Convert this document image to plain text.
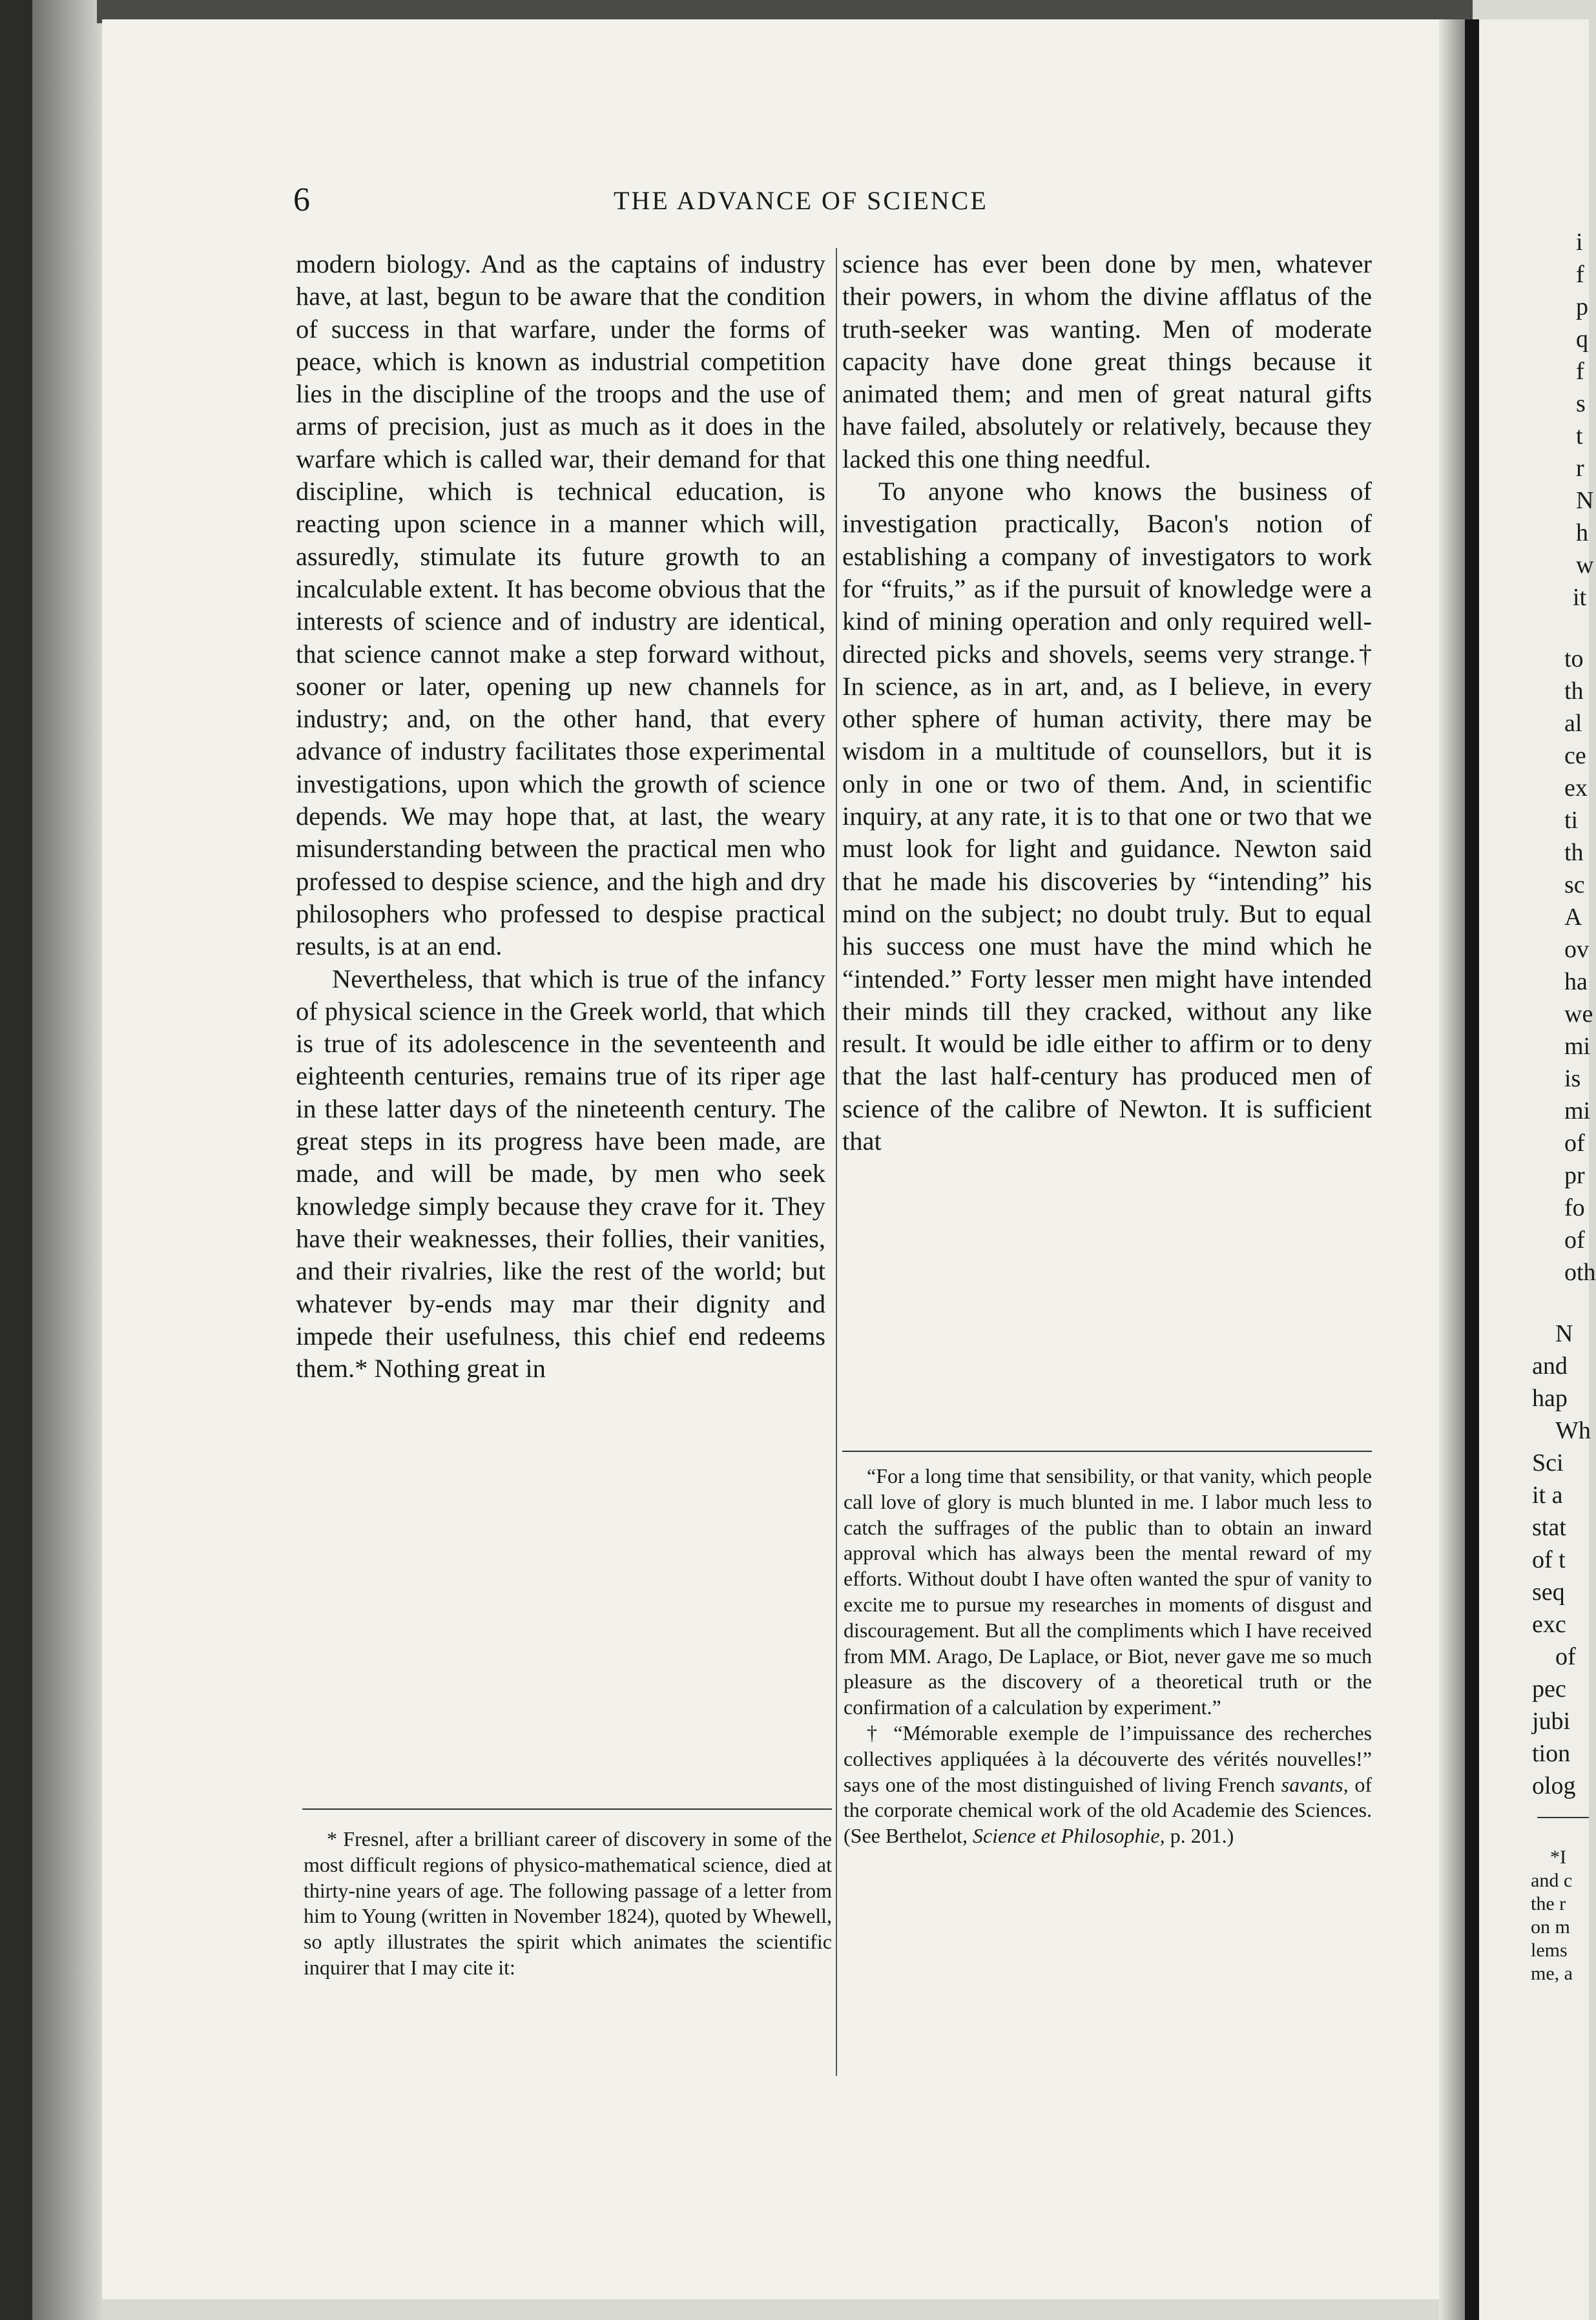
6	THE ADVANCE OF SCIENCE

modern biology. And as the captains of industry have, at last, begun to be aware that the condition of success in that warfare, under the forms of peace, which is known as industrial competition lies in the discipline of the troops and the use of arms of precision, just as much as it does in the warfare which is called war, their demand for that discipline, which is technical education, is reacting upon science in a manner which will, assuredly, stimulate its future growth to an incalculable extent. It has become obvious that the interests of science and of industry are identical, that science cannot make a step forward without, sooner or later, opening up new channels for industry; and, on the other hand, that every advance of industry facilitates those experimental investigations, upon which the growth of science depends. We may hope that, at last, the weary misunderstanding between the practical men who professed to despise science, and the high and dry philosophers who professed to despise practical results, is at an end.

Nevertheless, that which is true of the infancy of physical science in the Greek world, that which is true of its adolescence in the seventeenth and eighteenth centuries, remains true of its riper age in these latter days of the nineteenth century. The great steps in its progress have been made, are made, and will be made, by men who seek knowledge simply because they crave for it. They have their weaknesses, their follies, their vanities, and their rivalries, like the rest of the world; but whatever by-ends may mar their dignity and impede their usefulness, this chief end redeems them.* Nothing great in

science has ever been done by men, whatever their powers, in whom the divine afflatus of the truth-seeker was wanting. Men of moderate capacity have done great things because it animated them; and men of great natural gifts have failed, absolutely or relatively, because they lacked this one thing needful.

To anyone who knows the business of investigation practically, Bacon's notion of establishing a company of investigators to work for “fruits,” as if the pursuit of knowledge were a kind of mining operation and only required well-directed picks and shovels, seems very strange.† In science, as in art, and, as I believe, in every other sphere of human activity, there may be wisdom in a multitude of counsellors, but it is only in one or two of them. And, in scientific inquiry, at any rate, it is to that one or two that we must look for light and guidance. Newton said that he made his discoveries by “intending” his mind on the subject; no doubt truly. But to equal his success one must have the mind which he “intended.” Forty lesser men might have intended their minds till they cracked, without any like result. It would be idle either to affirm or to deny that the last half-century has produced men of science of the calibre of Newton. It is sufficient that

* Fresnel, after a brilliant career of discovery in some of the most difficult regions of physico-mathematical science, died at thirty-nine years of age. The following passage of a letter from him to Young (written in November 1824), quoted by Whewell, so aptly illustrates the spirit which animates the scientific inquirer that I may cite it:

“For a long time that sensibility, or that vanity, which people call love of glory is much blunted in me. I labor much less to catch the suffrages of the public than to obtain an inward approval which has always been the mental reward of my efforts. Without doubt I have often wanted the spur of vanity to excite me to pursue my researches in moments of disgust and discouragement. But all the compliments which I have received from MM. Arago, De Laplace, or Biot, never gave me so much pleasure as the discovery of a theoretical truth or the confirmation of a calculation by experiment.”

† “Mémorable exemple de l’impuissance des recherches collectives appliquées à la découverte des vérités nouvelles!” says one of the most distinguished of living French savants, of the corporate chemical work of the old Academie des Sciences. (See Berthelot, Science et Philosophie, p. 201.)

i
f
p
q
f
s
t
r
N
h
w
it
to
th
al
ce
ex
ti
th
sc
A
ov
ha
we
mi
is
mi
of
pr
fo
of
oth
N
and
hap
Wh
Sci
it a
stat
of t
seq
exc
of
pec
jubi
tion
olog
*I
and c
the r
on m
lems
me, a
